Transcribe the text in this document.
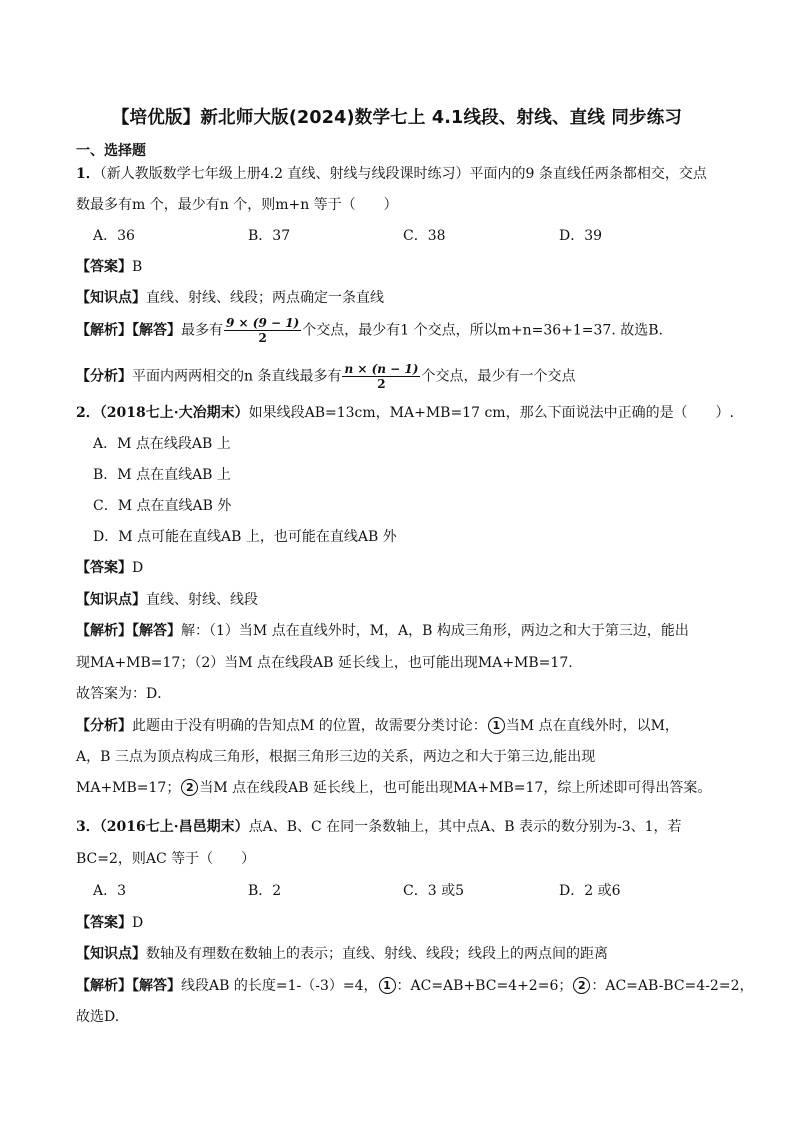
【培优版】新北师大版(2024)数学七上 4.1线段、射线、直线 同步练习
一、选择题
1．（新人教版数学七年级上册4.2 直线、射线与线段课时练习）平面内的9 条直线任两条都相交，交点
数最多有m 个，最少有n 个，则m+n 等于（　　）
A．36	B．37	C．38	D．39
【答案】B
【知识点】直线、射线、线段；两点确定一条直线
【解析】【解答】最多有 $\frac{9 \times (9 - 1)}{2}$ 个交点，最少有1 个交点，所以m+n=36+1=37. 故选B.
【分析】平面内两两相交的n 条直线最多有 $\frac{n \times (n - 1)}{2}$ 个交点，最少有一个交点
2．（2018七上·大冶期末）如果线段AB=13cm，MA+MB=17 cm，那么下面说法中正确的是（　　）.
A．M 点在线段AB 上
B．M 点在直线AB 上
C．M 点在直线AB 外
D．M 点可能在直线AB 上，也可能在直线AB 外
【答案】D
【知识点】直线、射线、线段
【解析】【解答】解：（1）当M 点在直线外时，M，A，B 构成三角形，两边之和大于第三边，能出
现MA+MB=17；（2）当M 点在线段AB 延长线上，也可能出现MA+MB=17.
故答案为：D．
【分析】此题由于没有明确的告知点M 的位置，故需要分类讨论： 1 当M 点在直线外时，以M，
A，B 三点为顶点构成三角形，根据三角形三边的关系，两边之和大于第三边,能出现
MA+MB=17； 2 当M 点在线段AB 延长线上，也可能出现MA+MB=17，综上所述即可得出答案。
3．（2016七上·昌邑期末）点A、B、C 在同一条数轴上，其中点A、B 表示的数分别为-3、1，若
BC=2，则AC 等于（　　）
A．3	B．2	C．3 或5	D．2 或6
【答案】D
【知识点】数轴及有理数在数轴上的表示；直线、射线、线段；线段上的两点间的距离
【解析】【解答】线段AB 的长度=1-（-3）=4， 1 ：AC=AB+BC=4+2=6； 2 ：AC=AB-BC=4-2=2，
故选D.
